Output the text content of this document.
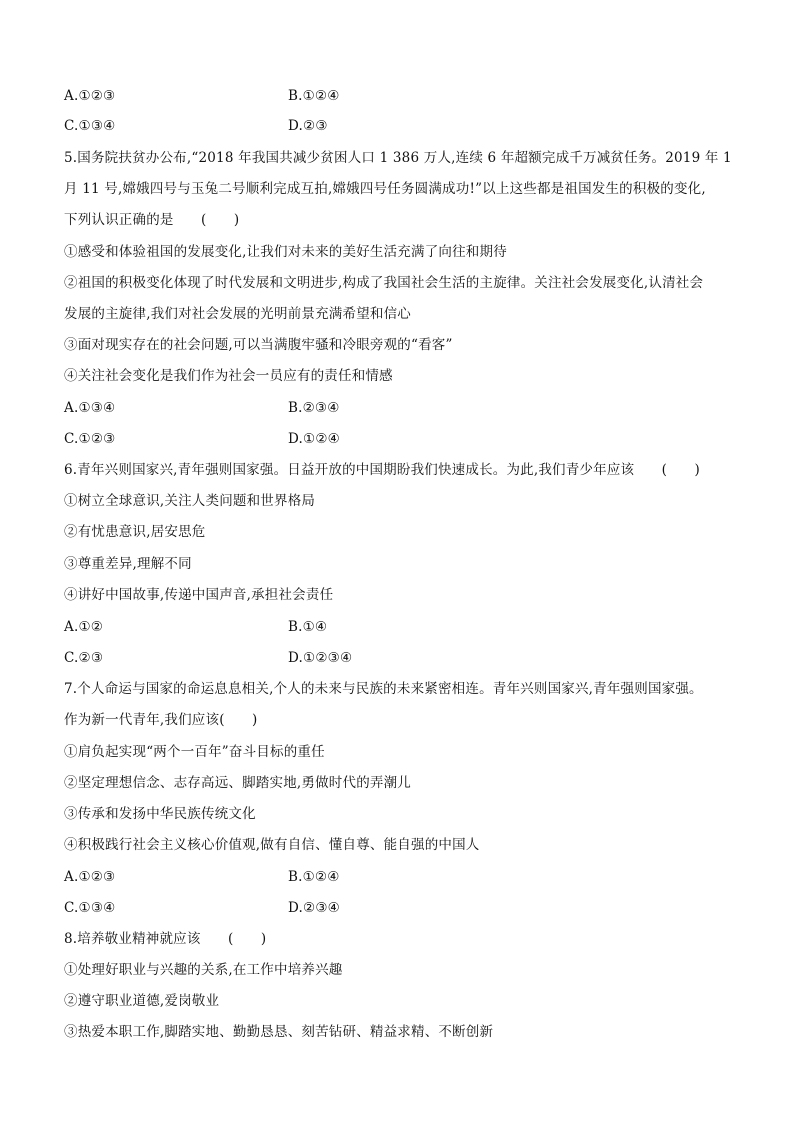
A.①②③	B.①②④
C.①③④	D.②③
5.国务院扶贫办公布,“2018 年我国共减少贫困人口 1 386 万人,连续 6 年超额完成千万减贫任务。2019 年 1
月 11 号,嫦娥四号与玉兔二号顺利完成互拍,嫦娥四号任务圆满成功!”以上这些都是祖国发生的积极的变化,
下列认识正确的是　　(　　)
①感受和体验祖国的发展变化,让我们对未来的美好生活充满了向往和期待
②祖国的积极变化体现了时代发展和文明进步,构成了我国社会生活的主旋律。关注社会发展变化,认清社会
发展的主旋律,我们对社会发展的光明前景充满希望和信心
③面对现实存在的社会问题,可以当满腹牢骚和冷眼旁观的“看客”
④关注社会变化是我们作为社会一员应有的责任和情感
A.①③④	B.②③④
C.①②③	D.①②④
6.青年兴则国家兴,青年强则国家强。日益开放的中国期盼我们快速成长。为此,我们青少年应该　　(　　)
①树立全球意识,关注人类问题和世界格局
②有忧患意识,居安思危
③尊重差异,理解不同
④讲好中国故事,传递中国声音,承担社会责任
A.①②	B.①④
C.②③	D.①②③④
7.个人命运与国家的命运息息相关,个人的未来与民族的未来紧密相连。青年兴则国家兴,青年强则国家强。
作为新一代青年,我们应该(　　)
①肩负起实现“两个一百年”奋斗目标的重任
②坚定理想信念、志存高远、脚踏实地,勇做时代的弄潮儿
③传承和发扬中华民族传统文化
④积极践行社会主义核心价值观,做有自信、懂自尊、能自强的中国人
A.①②③	B.①②④
C.①③④	D.②③④
8.培养敬业精神就应该　　(　　)
①处理好职业与兴趣的关系,在工作中培养兴趣
②遵守职业道德,爱岗敬业
③热爱本职工作,脚踏实地、勤勤恳恳、刻苦钻研、精益求精、不断创新
